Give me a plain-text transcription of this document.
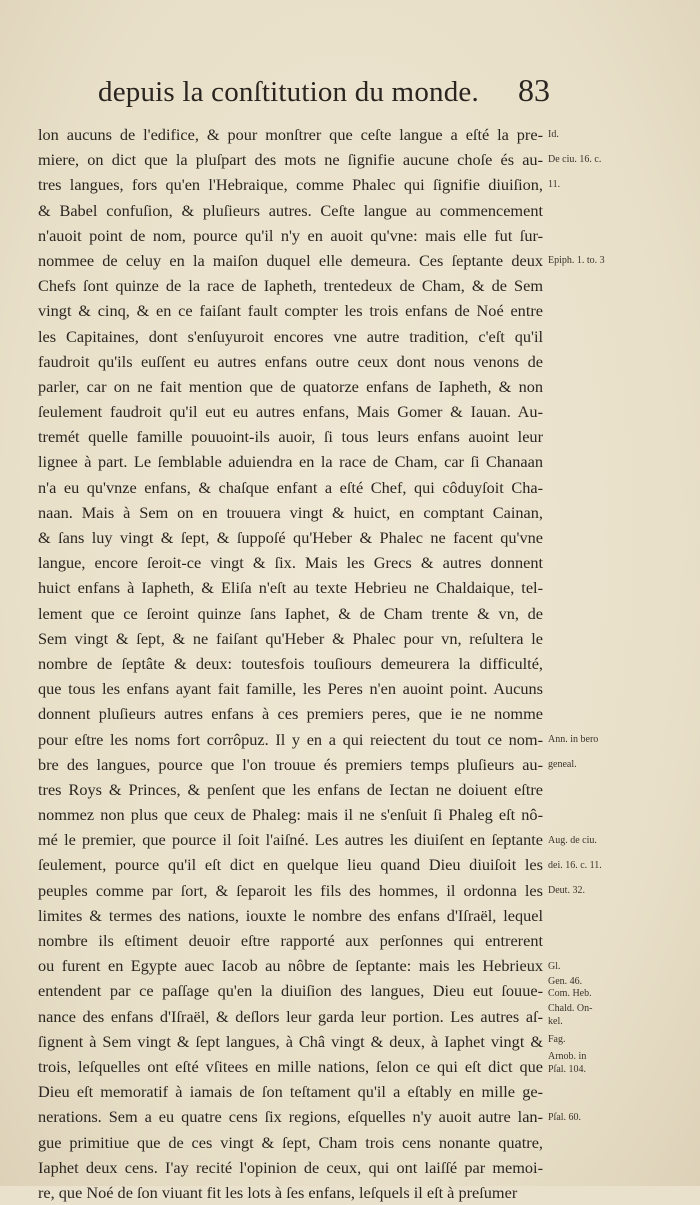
depuis la conſtitution du monde.	83
lon aucuns de l'edifice, & pour monſtrer que ceſte langue a eſté la pre-
miere, on dict que la pluſpart des mots ne ſignifie aucune choſe és au-
tres langues, fors qu'en l'Hebraique, comme Phalec qui ſignifie diuiſion,
& Babel confuſion, & pluſieurs autres. Ceſte langue au commencement
n'auoit point de nom, pource qu'il n'y en auoit qu'vne: mais elle fut ſur-
nommee de celuy en la maiſon duquel elle demeura. Ces ſeptante deux
Chefs ſont quinze de la race de Iapheth, trentedeux de Cham, & de Sem
vingt & cinq, & en ce faiſant fault compter les trois enfans de Noé entre
les Capitaines, dont s'enſuyuroit encores vne autre tradition, c'eſt qu'il
faudroit qu'ils euſſent eu autres enfans outre ceux dont nous venons de
parler, car on ne fait mention que de quatorze enfans de Iapheth, & non
ſeulement faudroit qu'il eut eu autres enfans, Mais Gomer & Iauan. Au-
tremét quelle famille pouuoint-ils auoir, ſi tous leurs enfans auoint leur
lignee à part. Le ſemblable aduiendra en la race de Cham, car ſi Chanaan
n'a eu qu'vnze enfans, & chaſque enfant a eſté Chef, qui côduyſoit Cha-
naan. Mais à Sem on en trouuera vingt & huict, en comptant Cainan,
& ſans luy vingt & ſept, & ſuppoſé qu'Heber & Phalec ne facent qu'vne
langue, encore ſeroit-ce vingt & ſix. Mais les Grecs & autres donnent
huict enfans à Iapheth, & Eliſa n'eſt au texte Hebrieu ne Chaldaique, tel-
lement que ce ſeroint quinze ſans Iaphet, & de Cham trente & vn, de
Sem vingt & ſept, & ne faiſant qu'Heber & Phalec pour vn, reſultera le
nombre de ſeptâte & deux: toutesfois touſiours demeurera la difficulté,
que tous les enfans ayant fait famille, les Peres n'en auoint point. Aucuns
donnent pluſieurs autres enfans à ces premiers peres, que ie ne nomme
pour eſtre les noms fort corrôpuz. Il y en a qui reiectent du tout ce nom-
bre des langues, pource que l'on trouue és premiers temps pluſieurs au-
tres Roys & Princes, & penſent que les enfans de Iectan ne doiuent eſtre
nommez non plus que ceux de Phaleg: mais il ne s'enſuit ſi Phaleg eſt nô-
mé le premier, que pource il ſoit l'aiſné. Les autres les diuiſent en ſeptante
ſeulement, pource qu'il eſt dict en quelque lieu quand Dieu diuiſoit les
peuples comme par ſort, & ſeparoit les fils des hommes, il ordonna les
limites & termes des nations, iouxte le nombre des enfans d'Iſraël, lequel
nombre ils eſtiment deuoir eſtre rapporté aux perſonnes qui entrerent
ou furent en Egypte auec Iacob au nôbre de ſeptante: mais les Hebrieux
entendent par ce paſſage qu'en la diuiſion des langues, Dieu eut ſouue-
nance des enfans d'Iſraël, & deſlors leur garda leur portion. Les autres aſ-
ſignent à Sem vingt & ſept langues, à Châ vingt & deux, à Iaphet vingt &
trois, leſquelles ont eſté vſitees en mille nations, ſelon ce qui eſt dict que
Dieu eſt memoratif à iamais de ſon teſtament qu'il a eſtably en mille ge-
nerations. Sem a eu quatre cens ſix regions, eſquelles n'y auoit autre lan-
gue primitiue que de ces vingt & ſept, Cham trois cens nonante quatre,
Iaphet deux cens. I'ay recité l'opinion de ceux, qui ont laiſſé par memoi-
re, que Noé de ſon viuant fit les lots à ſes enfans, leſquels il eſt à preſumer
Id.
De ciu. 16. c.
11.
Epiph. 1. to. 3
Ann. in bero
geneal.
Aug. de ciu.
dei. 16. c. 11.
Deut. 32.
Gl.
Gen. 46.
Com. Heb.
Chald. On-
kel.
Fag.
Arnob. in
Pſal. 104.
Pſal. 60.
